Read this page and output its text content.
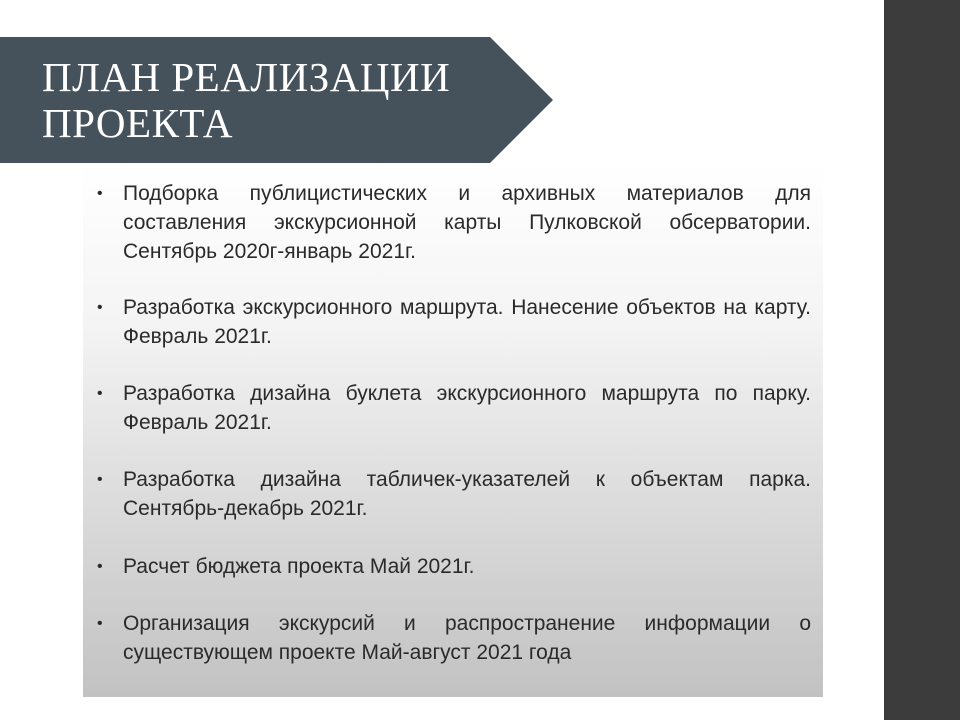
ПЛАН РЕАЛИЗАЦИИ ПРОЕКТА
• Подборка публицистических и архивных материалов для составления экскурсионной карты Пулковской обсерватории. Сентябрь 2020г-январь 2021г.
• Разработка экскурсионного маршрута. Нанесение объектов на карту. Февраль 2021г.
• Разработка дизайна буклета экскурсионного маршрута по парку. Февраль 2021г.
• Разработка дизайна табличек-указателей к объектам парка. Сентябрь-декабрь 2021г.
• Расчет бюджета проекта Май 2021г.
• Организация экскурсий и распространение информации о существующем проекте Май-август 2021 года
